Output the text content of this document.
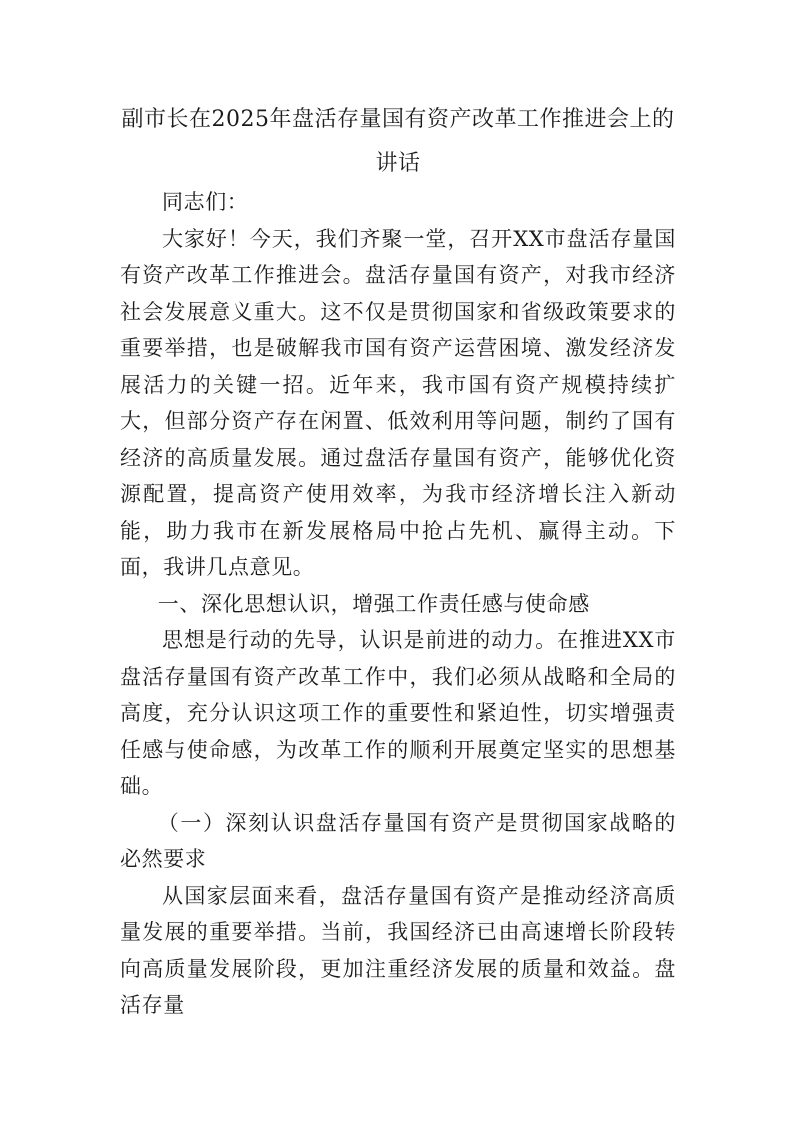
副市长在2025年盘活存量国有资产改革工作推进会上的讲话

同志们：

大家好！今天，我们齐聚一堂，召开XX市盘活存量国有资产改革工作推进会。盘活存量国有资产，对我市经济社会发展意义重大。这不仅是贯彻国家和省级政策要求的重要举措，也是破解我市国有资产运营困境、激发经济发展活力的关键一招。近年来，我市国有资产规模持续扩大，但部分资产存在闲置、低效利用等问题，制约了国有经济的高质量发展。通过盘活存量国有资产，能够优化资源配置，提高资产使用效率，为我市经济增长注入新动能，助力我市在新发展格局中抢占先机、赢得主动。下面，我讲几点意见。

一、深化思想认识，增强工作责任感与使命感

思想是行动的先导，认识是前进的动力。在推进XX市盘活存量国有资产改革工作中，我们必须从战略和全局的高度，充分认识这项工作的重要性和紧迫性，切实增强责任感与使命感，为改革工作的顺利开展奠定坚实的思想基础。

（一）深刻认识盘活存量国有资产是贯彻国家战略的必然要求

从国家层面来看，盘活存量国有资产是推动经济高质量发展的重要举措。当前，我国经济已由高速增长阶段转向高质量发展阶段，更加注重经济发展的质量和效益。盘活存量
